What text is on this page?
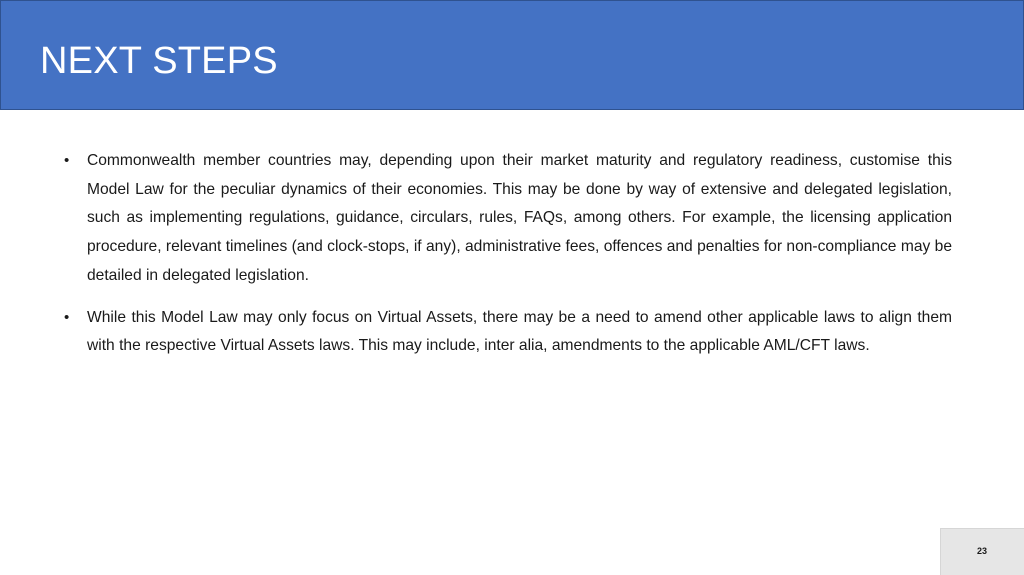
NEXT STEPS
• Commonwealth member countries may, depending upon their market maturity and regulatory readiness, customise this Model Law for the peculiar dynamics of their economies. This may be done by way of extensive and delegated legislation, such as implementing regulations, guidance, circulars, rules, FAQs, among others. For example, the licensing application procedure, relevant timelines (and clock-stops, if any), administrative fees, offences and penalties for non-compliance may be detailed in delegated legislation.
• While this Model Law may only focus on Virtual Assets, there may be a need to amend other applicable laws to align them with the respective Virtual Assets laws. This may include, inter alia, amendments to the applicable AML/CFT laws.
23
